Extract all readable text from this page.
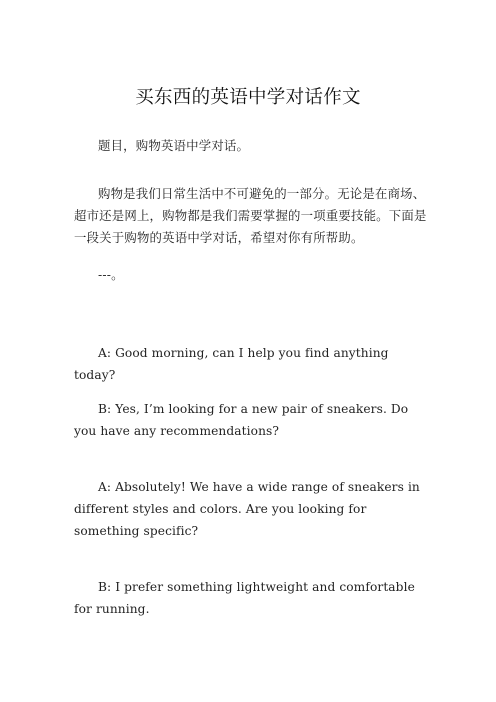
买东西的英语中学对话作文

题目，购物英语中学对话。

购物是我们日常生活中不可避免的一部分。无论是在商场、超市还是网上，购物都是我们需要掌握的一项重要技能。下面是一段关于购物的英语中学对话，希望对你有所帮助。

---。

A: Good morning, can I help you find anything today?

B: Yes, I’m looking for a new pair of sneakers. Do you have any recommendations?

A: Absolutely! We have a wide range of sneakers in different styles and colors. Are you looking for something specific?

B: I prefer something lightweight and comfortable for running.
